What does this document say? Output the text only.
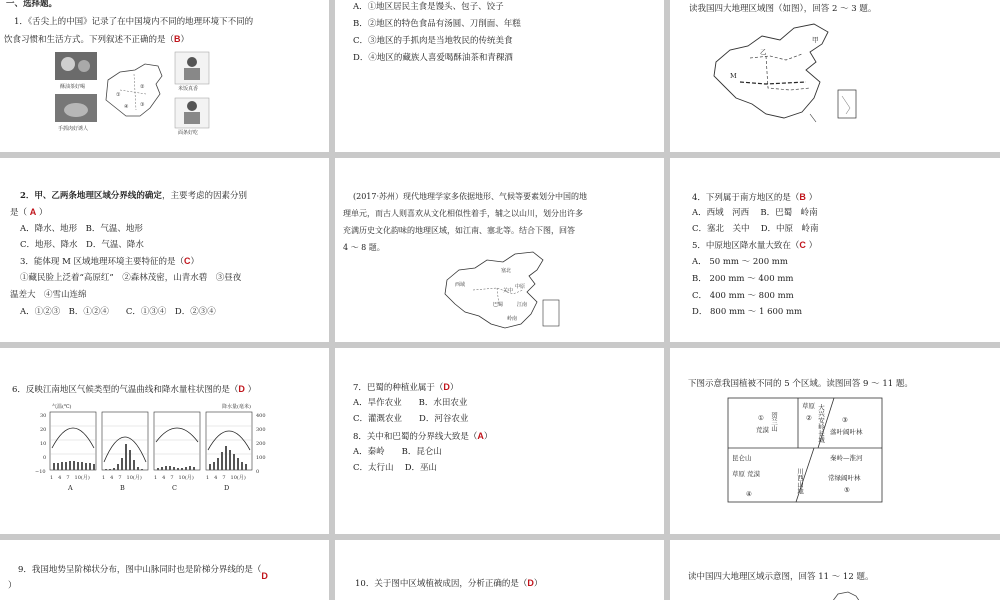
一、选择题。
1．《舌尖上的中国》记录了在中国境内不同的地理环境下不同的
饮食习惯和生活方式。下列叙述不正确的是（B）
酥油茶好喝
手抓肉好诱人
①
②
③
④
米饭真香
面条好吃
A．①地区居民主食是馒头、包子、饺子
B．②地区的特色食品有汤圆、刀削面、年糕
C．③地区的手抓肉是当地牧民的传统美食
D．④地区的藏族人喜爱喝酥油茶和青稞酒
读我国四大地理区域图（如图），回答 2 ～ 3 题。
甲
乙
M
2．甲、乙两条地理区域分界线的确定，主要考虑的因素分别
是（ A ）
A．降水、地形　B．气温、地形
C．地形、降水　D．气温、降水
3．能体现 M 区域地理环境主要特征的是（C）
①藏民脸上泛着“高原红”　②森林茂密，山青水碧　③昼夜
温差大　④雪山连绵
A．①②③　B．①②④　　C．①③④　D．②③④
(2017·苏州）现代地理学家多依据地形、气候等要素划分中国的地
理单元，而古人则喜欢从文化相似性着手，辅之以山川，划分出许多
充满历史文化韵味的地理区域，如江南、塞北等。结合下图，回答
4 ～ 8 题。
西域
塞北
关中
中原
巴蜀	江南
岭南
4．下列属于南方地区的是（B ）
A．西域　河西　 B．巴蜀　岭南
C．塞北　关中　 D．中原　岭南
5．中原地区降水量大致在（C ）
A． 50 mm ～ 200 mm
B． 200 mm ～ 400 mm
C． 400 mm ～ 800 mm
D． 800 mm ～ 1 600 mm
6．反映江南地区气候类型的气温曲线和降水量柱状图的是（D ）
气温(℃)	降水量(毫米)
30
20
10
0
−10
400
300
200
100
0
1　4　7　10(月)
A
1　4　7　10(月)
B
1　4　7　10(月)
C
1　4　7　10(月)
D
7．巴蜀的种植业属于（D）
A．旱作农业　　B．水田农业
C．灌溉农业　　D．河谷农业
8．关中和巴蜀的分界线大致是（A）
A．秦岭　　B．昆仑山
C．太行山　 D．巫山
下图示意我国植被不同的 5 个区域。读图回答 9 ～ 11 题。
①
荒漠 贺兰山
草原
② 大兴安岭长城	③
落叶阔叶林
昆仑山	秦岭—淮河
草原 荒漠
④	川西山地	常绿阔叶林
⑤
9．我国地势呈阶梯状分布，图中山脉同时也是阶梯分界线的是（D
）	10．关于图中区域植被成因，分析正确的是（D）
读中国四大地理区域示意图，回答 11 ～ 12 题。
